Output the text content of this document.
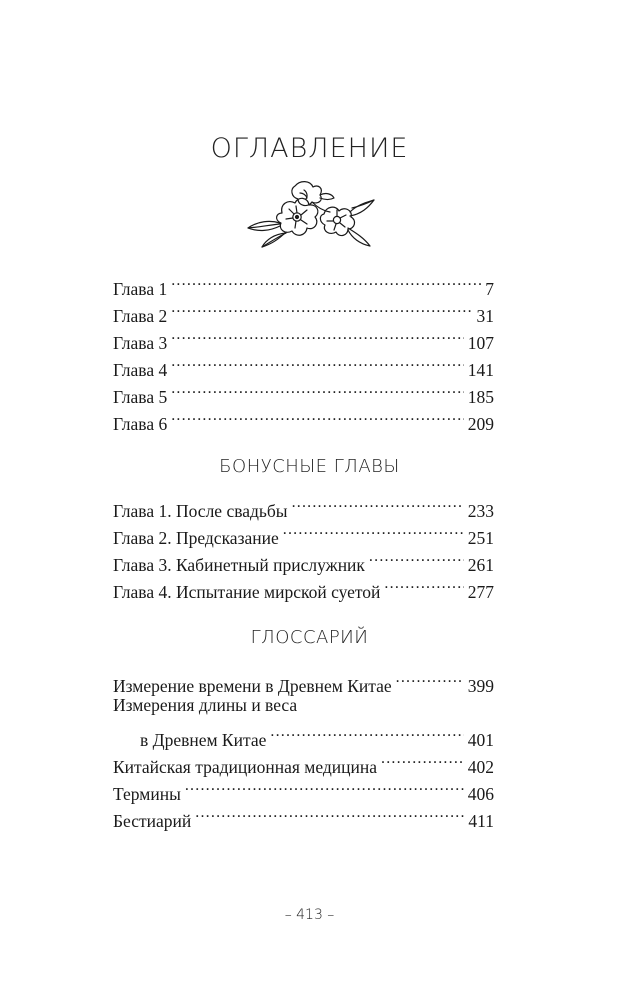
ОГЛАВЛЕНИЕ
Глава 1 .....	7
Глава 2 .....	31
Глава 3 .....	107
Глава 4 .....	141
Глава 5 .....	185
Глава 6 .....	209
БОНУСНЫЕ ГЛАВЫ
Глава 1. После свадьбы .....	233
Глава 2. Предсказание .....	251
Глава 3. Кабинетный прислужник .....	261
Глава 4. Испытание мирской суетой .....	277
ГЛОССАРИЙ
Измерение времени в Древнем Китае .....	399
Измерения длины и веса
в Древнем Китае .....	401
Китайская традиционная медицина .....	402
Термины .....	406
Бестиарий .....	411
– 413 –
